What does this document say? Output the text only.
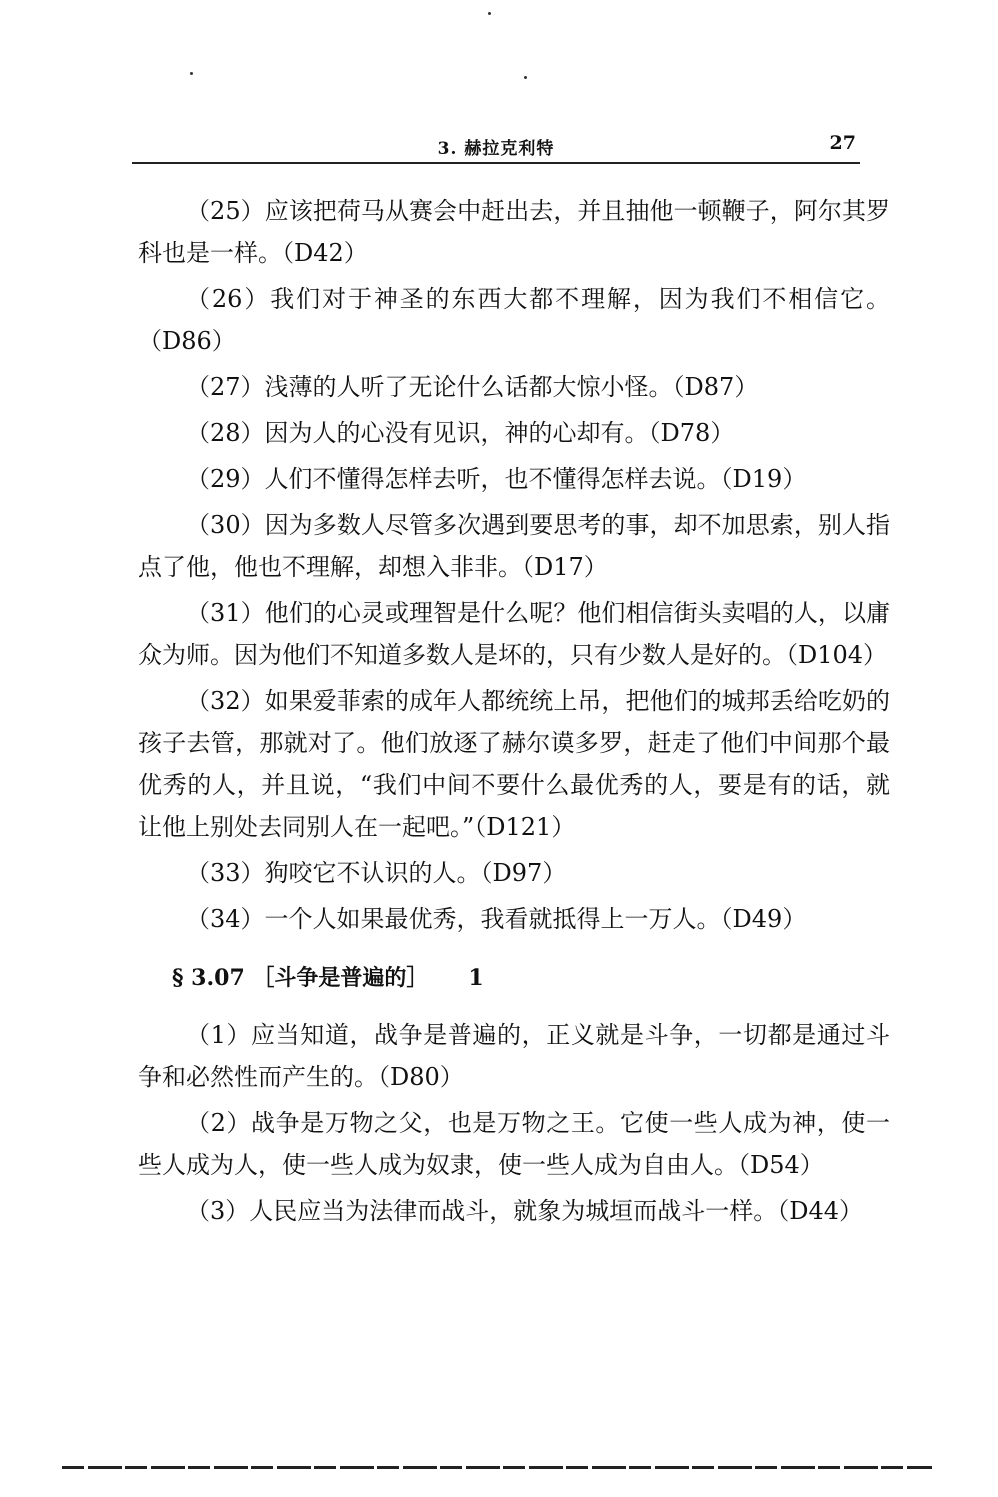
3. 赫拉克利特	27

（25）应该把荷马从赛会中赶出去，并且抽他一顿鞭子，阿尔其罗科也是一样。（D42）

（26）我们对于神圣的东西大都不理解，因为我们不相信它。（D86）

（27）浅薄的人听了无论什么话都大惊小怪。（D87）

（28）因为人的心没有见识，神的心却有。（D78）

（29）人们不懂得怎样去听，也不懂得怎样去说。（D19）

（30）因为多数人尽管多次遇到要思考的事，却不加思索，别人指点了他，他也不理解，却想入非非。（D17）

（31）他们的心灵或理智是什么呢？他们相信街头卖唱的人，以庸众为师。因为他们不知道多数人是坏的，只有少数人是好的。（D104）

（32）如果爱菲索的成年人都统统上吊，把他们的城邦丢给吃奶的孩子去管，那就对了。他们放逐了赫尔谟多罗，赶走了他们中间那个最优秀的人，并且说，“我们中间不要什么最优秀的人，要是有的话，就让他上别处去同别人在一起吧。”（D121）

（33）狗咬它不认识的人。（D97）

（34）一个人如果最优秀，我看就抵得上一万人。（D49）

§ 3.07 ［斗争是普遍的］ 1

（1）应当知道，战争是普遍的，正义就是斗争，一切都是通过斗争和必然性而产生的。（D80）

（2）战争是万物之父，也是万物之王。它使一些人成为神，使一些人成为人，使一些人成为奴隶，使一些人成为自由人。（D54）

（3）人民应当为法律而战斗，就象为城垣而战斗一样。（D44）
